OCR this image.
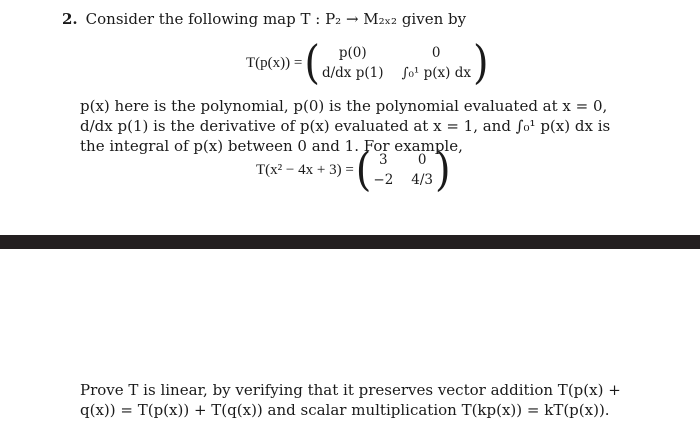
2. Consider the following map T : P₂ → M₂ₓ₂ given by
T(p(x)) = (	p(0)	0
d/dx p(1) ∫₀¹ p(x) dx )
p(x) here is the polynomial, p(0) is the polynomial evaluated at x = 0, d/dx p(1) is the derivative of p(x) evaluated at x = 1, and ∫₀¹ p(x) dx is the integral of p(x) between 0 and 1. For example,
T(x² − 4x + 3) = ( 3	0
−2 4/3 )
Prove T is linear, by verifying that it preserves vector addition T(p(x) + q(x)) = T(p(x)) + T(q(x)) and scalar multiplication T(kp(x)) = kT(p(x)).
